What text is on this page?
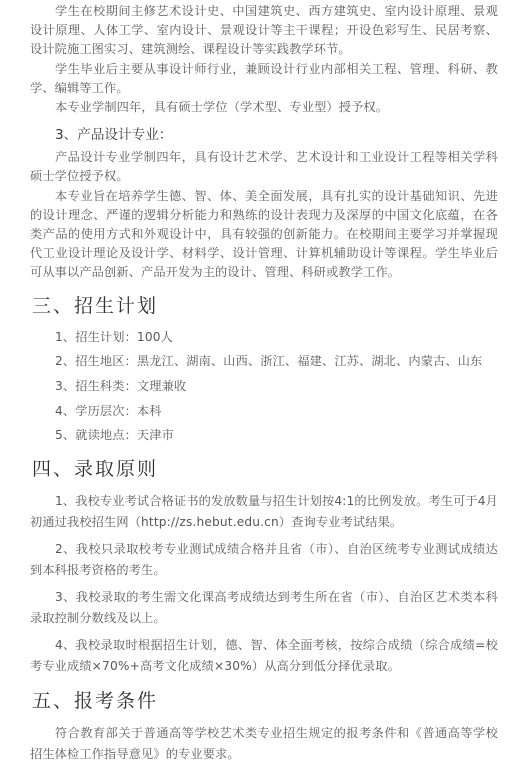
学生在校期间主修艺术设计史、中国建筑史、西方建筑史、室内设计原理、景观设计原理、人体工学、室内设计、景观设计等主干课程；开设色彩写生、民居考察、设计院施工图实习、建筑测绘、课程设计等实践教学环节。

学生毕业后主要从事设计师行业，兼顾设计行业内部相关工程、管理、科研、教学、编辑等工作。

本专业学制四年，具有硕士学位（学术型、专业型）授予权。

3、产品设计专业：

产品设计专业学制四年，具有设计艺术学、艺术设计和工业设计工程等相关学科硕士学位授予权。

本专业旨在培养学生德、智、体、美全面发展，具有扎实的设计基础知识、先进的设计理念、严谨的逻辑分析能力和熟练的设计表现力及深厚的中国文化底蕴，在各类产品的使用方式和外观设计中，具有较强的创新能力。在校期间主要学习并掌握现代工业设计理论及设计学、材料学、设计管理、计算机辅助设计等课程。学生毕业后可从事以产品创新、产品开发为主的设计、管理、科研或教学工作。

三、招生计划
1、招生计划：100人
2、招生地区：黑龙江、湖南、山西、浙江、福建、江苏、湖北、内蒙古、山东
3、招生科类：文理兼收
4、学历层次：本科
5、就读地点：天津市
四、录取原则

1、我校专业考试合格证书的发放数量与招生计划按4:1的比例发放。考生可于4月初通过我校招生网（http://zs.hebut.edu.cn）查询专业考试结果。

2、我校只录取校考专业测试成绩合格并且省（市）、自治区统考专业测试成绩达到本科报考资格的考生。

3、我校录取的考生需文化课高考成绩达到考生所在省（市）、自治区艺术类本科录取控制分数线及以上。

4、我校录取时根据招生计划，德、智、体全面考核，按综合成绩（综合成绩=校考专业成绩×70%+高考文化成绩×30%）从高分到低分择优录取。

五、报考条件

符合教育部关于普通高等学校艺术类专业招生规定的报考条件和《普通高等学校招生体检工作指导意见》的专业要求。
